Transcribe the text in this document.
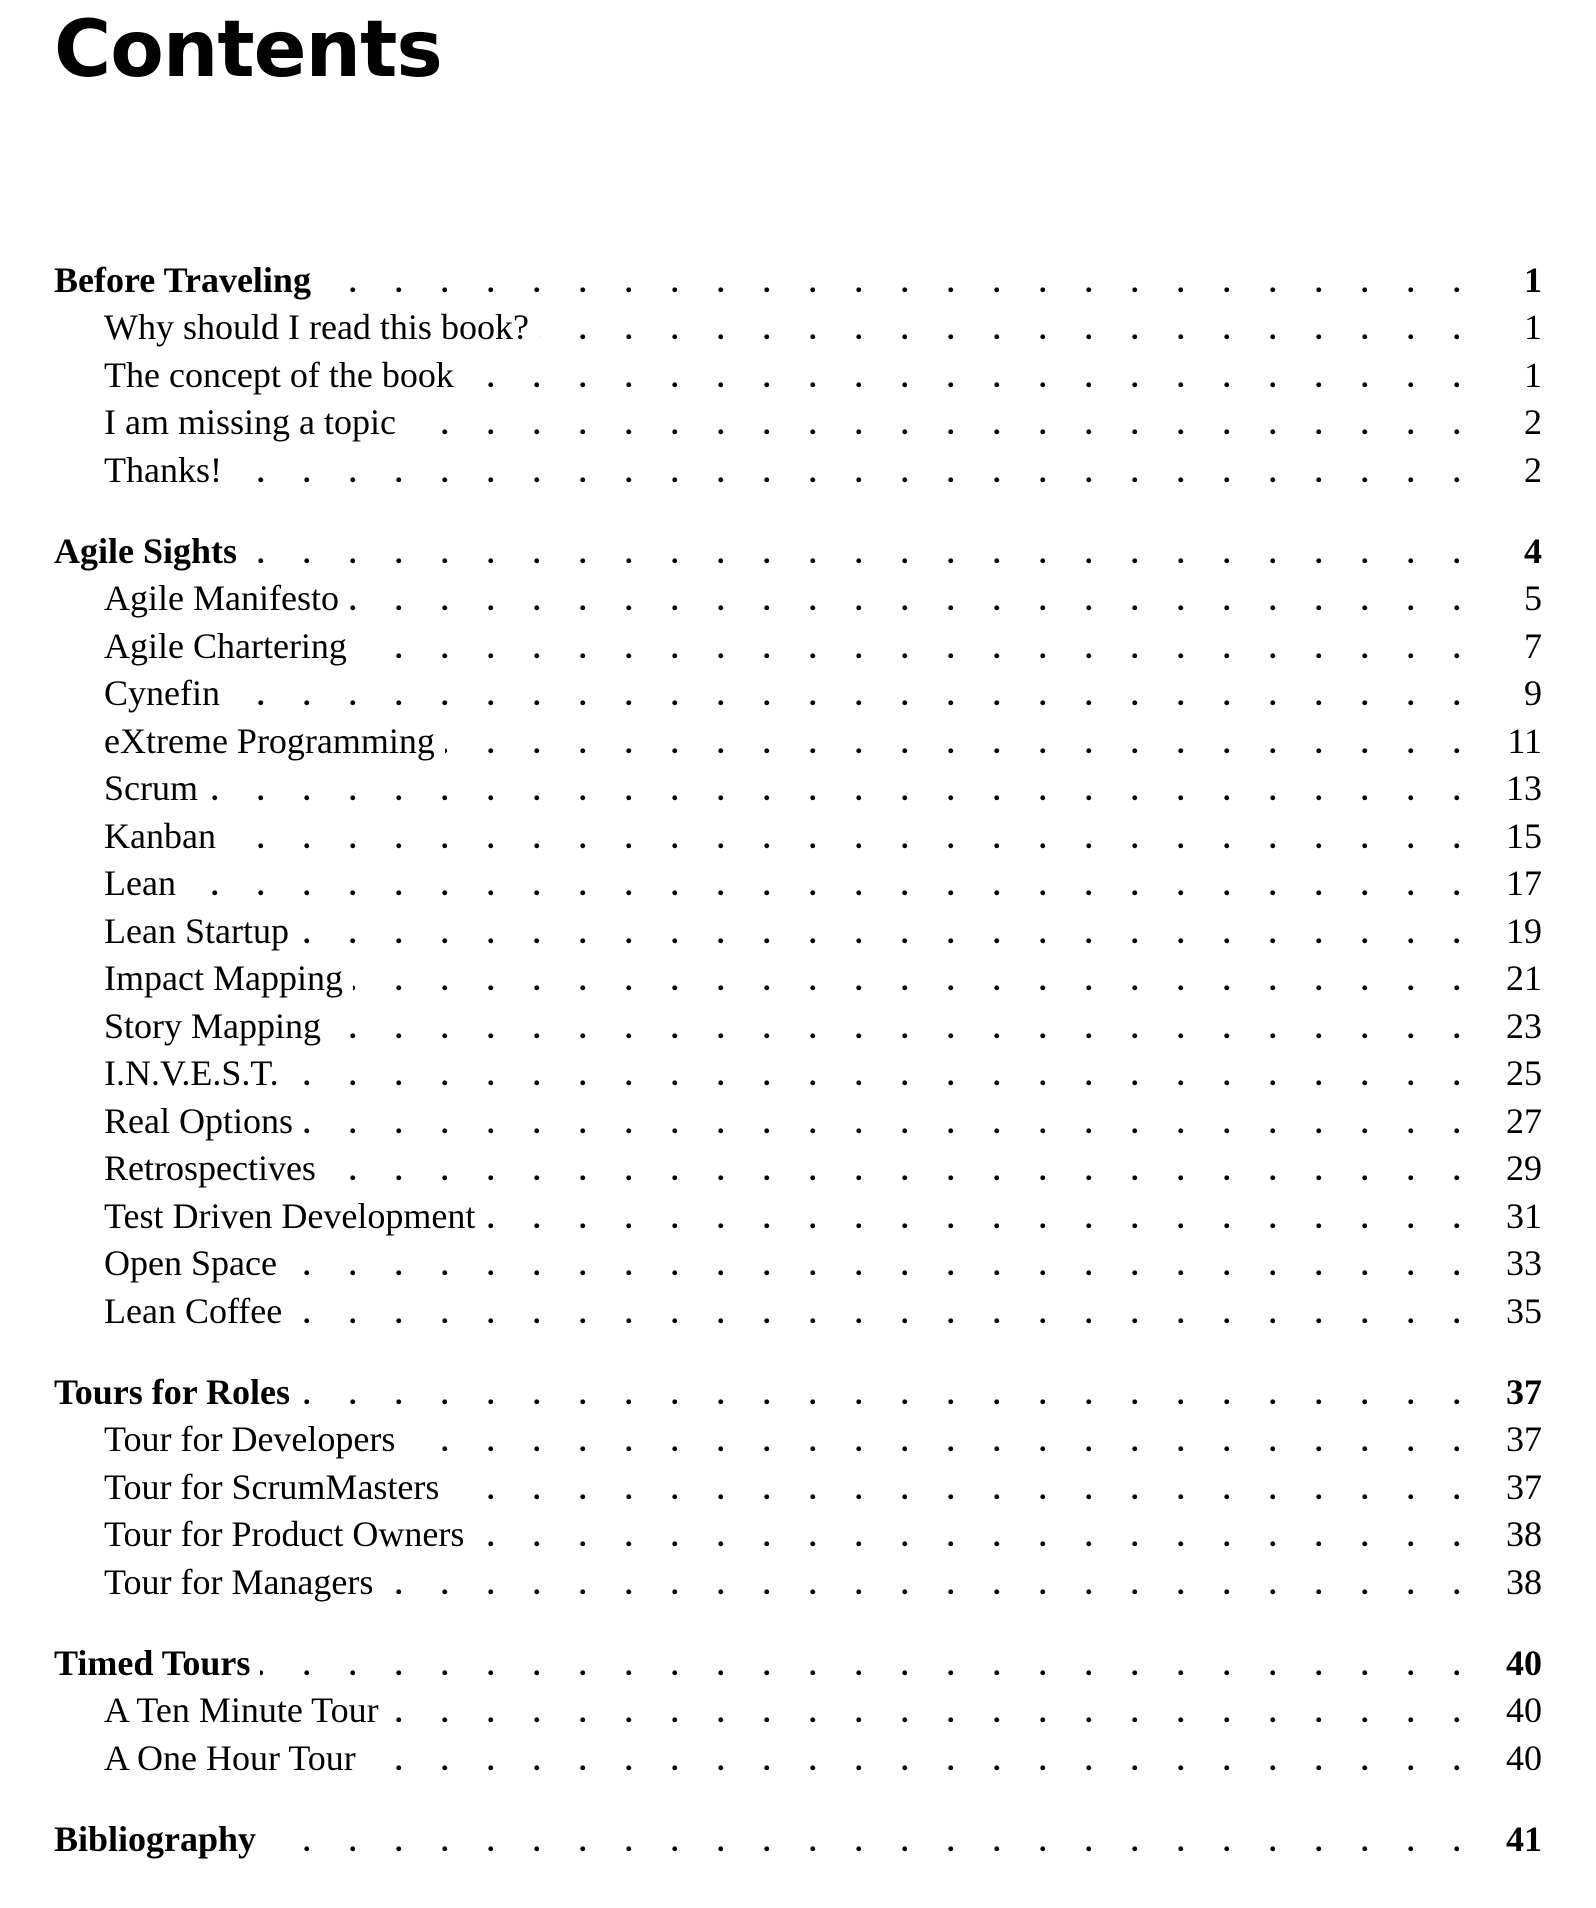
Contents
Before Traveling . . .	1
Why should I read this book? . . .	1
The concept of the book . . .	1
I am missing a topic . . .	2
Thanks! . . .	2
Agile Sights . . .	4
Agile Manifesto . . .	5
Agile Chartering . . .	7
Cynefin . . .	9
eXtreme Programming . . .	11
Scrum . . .	13
Kanban . . .	15
Lean . . .	17
Lean Startup . . .	19
Impact Mapping . . .	21
Story Mapping . . .	23
I.N.V.E.S.T. . . .	25
Real Options . . .	27
Retrospectives . . .	29
Test Driven Development . . .	31
Open Space . . .	33
Lean Coffee . . .	35
Tours for Roles . . .	37
Tour for Developers . . .	37
Tour for ScrumMasters . . .	37
Tour for Product Owners . . .	38
Tour for Managers . . .	38
Timed Tours . . .	40
A Ten Minute Tour . . .	40
A One Hour Tour . . .	40
Bibliography . . .	41
